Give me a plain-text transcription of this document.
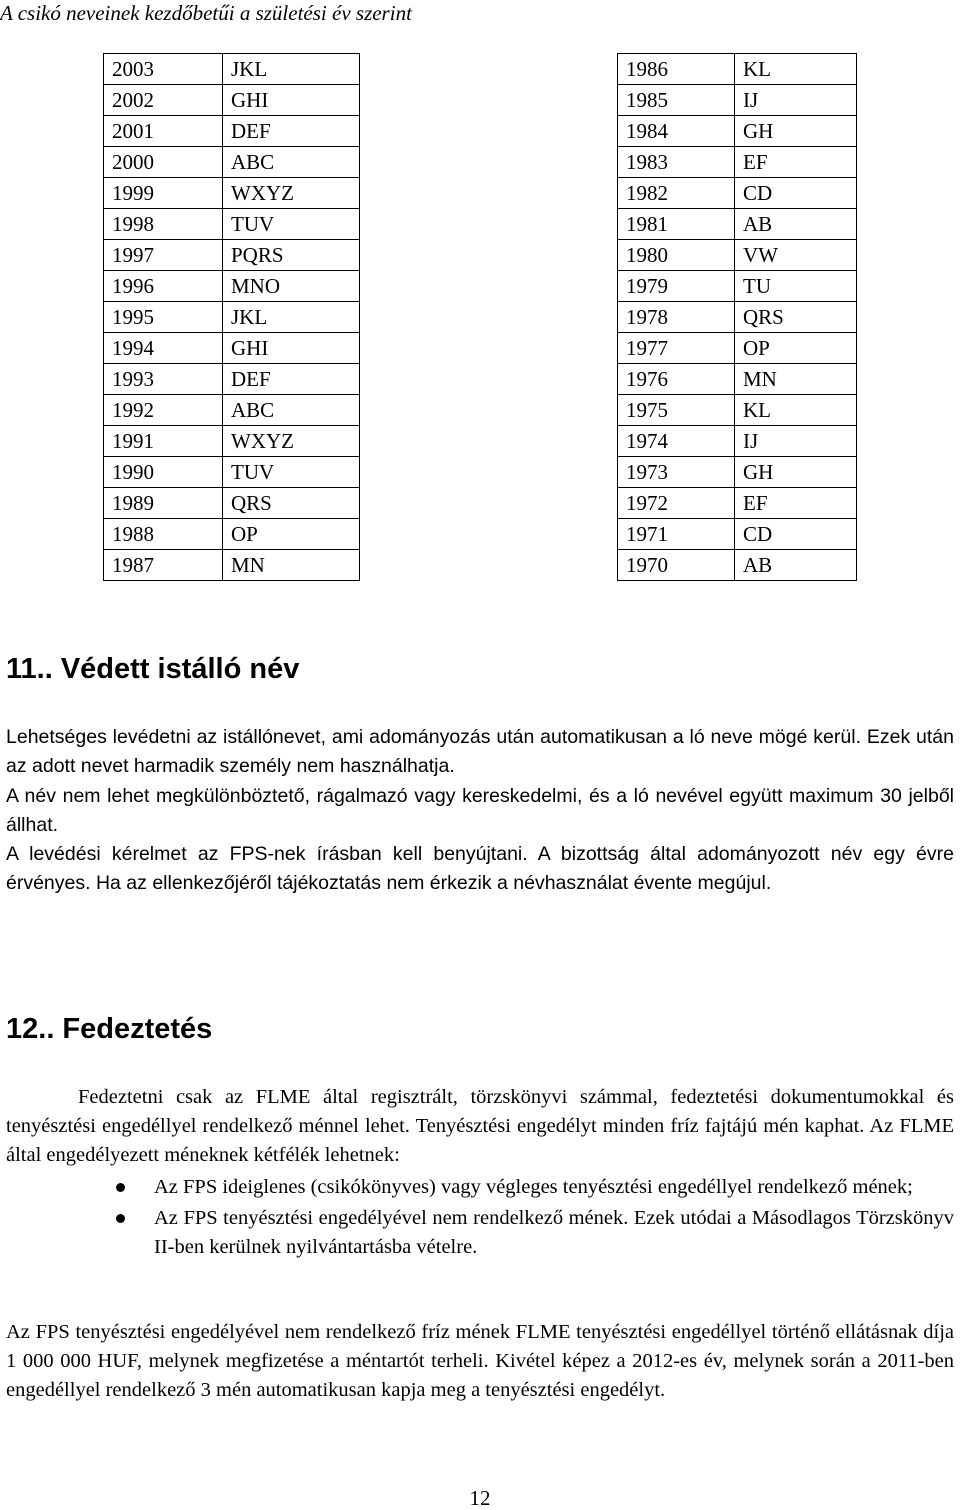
A csikó neveinek kezdőbetűi a születési év szerint
2003	JKL
2002	GHI
2001	DEF
2000	ABC
1999	WXYZ
1998	TUV
1997	PQRS
1996	MNO
1995	JKL
1994	GHI
1993	DEF
1992	ABC
1991	WXYZ
1990	TUV
1989	QRS
1988	OP
1987	MN
1986	KL
1985	IJ
1984	GH
1983	EF
1982	CD
1981	AB
1980	VW
1979	TU
1978	QRS
1977	OP
1976	MN
1975	KL
1974	IJ
1973	GH
1972	EF
1971	CD
1970	AB
11.. Védett istálló név

Lehetséges levédetni az istállónevet, ami adományozás után automatikusan a ló neve mögé kerül. Ezek után az adott nevet harmadik személy nem használhatja.

A név nem lehet megkülönböztető, rágalmazó vagy kereskedelmi, és a ló nevével együtt maximum 30 jelből állhat.

A levédési kérelmet az FPS-nek írásban kell benyújtani. A bizottság által adományozott név egy évre érvényes. Ha az ellenkezőjéről tájékoztatás nem érkezik a névhasználat évente megújul.

12.. Fedeztetés

Fedeztetni csak az FLME által regisztrált, törzskönyvi számmal, fedeztetési dokumentumokkal és tenyésztési engedéllyel rendelkező ménnel lehet. Tenyésztési engedélyt minden fríz fajtájú mén kaphat. Az FLME által engedélyezett méneknek kétfélék lehetnek:

Az FPS ideiglenes (csikókönyves) vagy végleges tenyésztési engedéllyel rendelkező mének;
Az FPS tenyésztési engedélyével nem rendelkező mének. Ezek utódai a Másodlagos Törzskönyv II-ben kerülnek nyilvántartásba vételre.

Az FPS tenyésztési engedélyével nem rendelkező fríz mének FLME tenyésztési engedéllyel történő ellátásnak díja 1 000 000 HUF, melynek megfizetése a méntartót terheli. Kivétel képez a 2012-es év, melynek során a 2011-ben engedéllyel rendelkező 3 mén automatikusan kapja meg a tenyésztési engedélyt.

12
